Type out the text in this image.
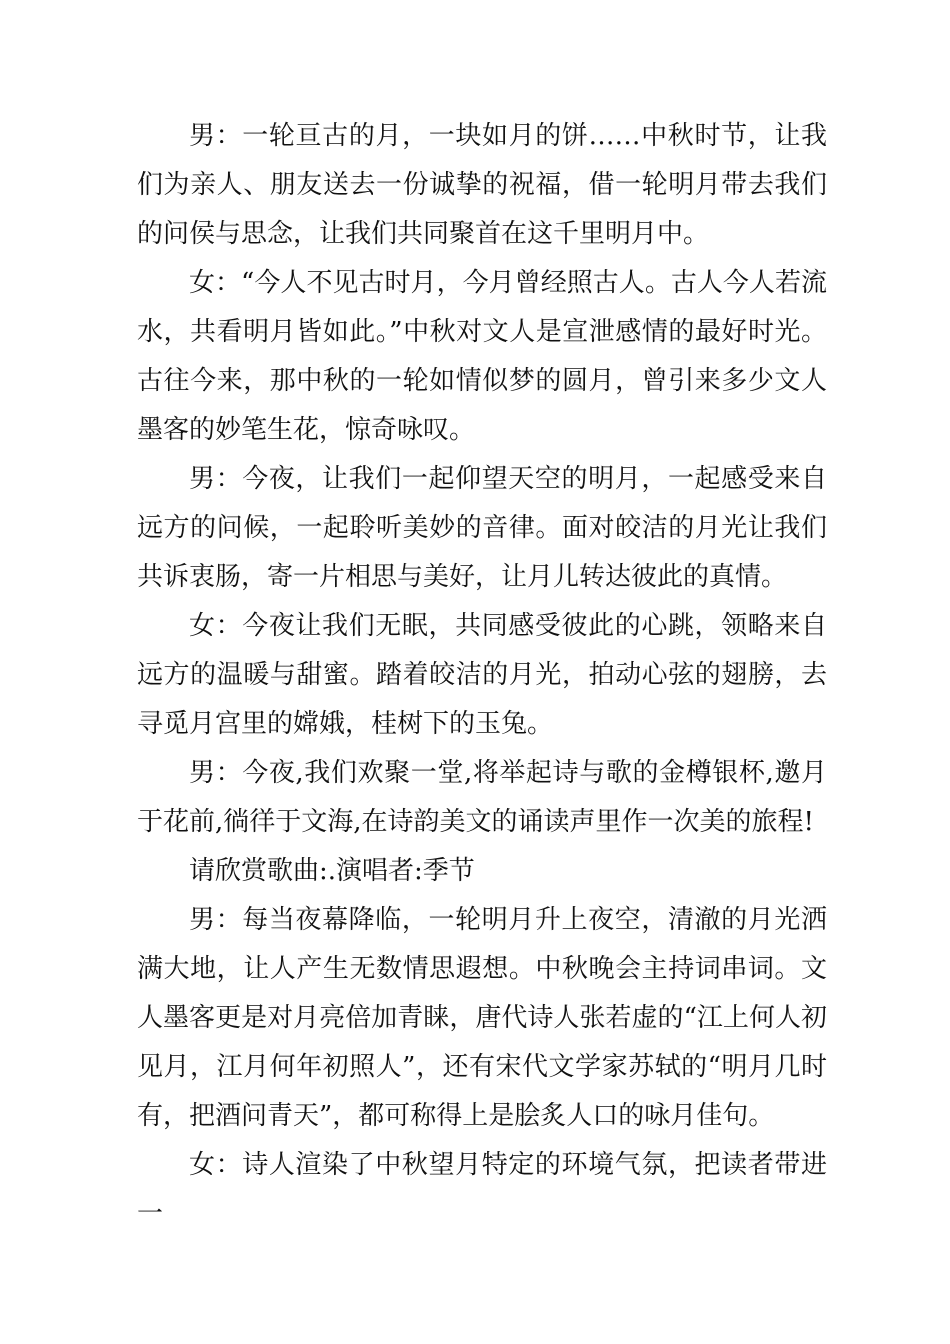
男：一轮亘古的月，一块如月的饼……中秋时节，让我们为亲人、朋友送去一份诚挚的祝福，借一轮明月带去我们的问侯与思念，让我们共同聚首在这千里明月中。

女：“今人不见古时月，今月曾经照古人。古人今人若流水，共看明月皆如此。”中秋对文人是宣泄感情的最好时光。古往今来，那中秋的一轮如情似梦的圆月，曾引来多少文人墨客的妙笔生花，惊奇咏叹。

男：今夜，让我们一起仰望天空的明月，一起感受来自远方的问候，一起聆听美妙的音律。面对皎洁的月光让我们共诉衷肠，寄一片相思与美好，让月儿转达彼此的真情。

女：今夜让我们无眠，共同感受彼此的心跳，领略来自远方的温暖与甜蜜。踏着皎洁的月光，拍动心弦的翅膀，去寻觅月宫里的嫦娥，桂树下的玉兔。

男：今夜,我们欢聚一堂,将举起诗与歌的金樽银杯,邀月于花前,徜徉于文海,在诗韵美文的诵读声里作一次美的旅程!

请欣赏歌曲:.演唱者:季节

男：每当夜幕降临，一轮明月升上夜空，清澈的月光洒满大地，让人产生无数情思遐想。中秋晚会主持词串词。文人墨客更是对月亮倍加青睐，唐代诗人张若虚的“江上何人初见月，江月何年初照人”，还有宋代文学家苏轼的“明月几时有，把酒问青天”，都可称得上是脍炙人口的咏月佳句。

女：诗人渲染了中秋望月特定的环境气氛，把读者带进一
